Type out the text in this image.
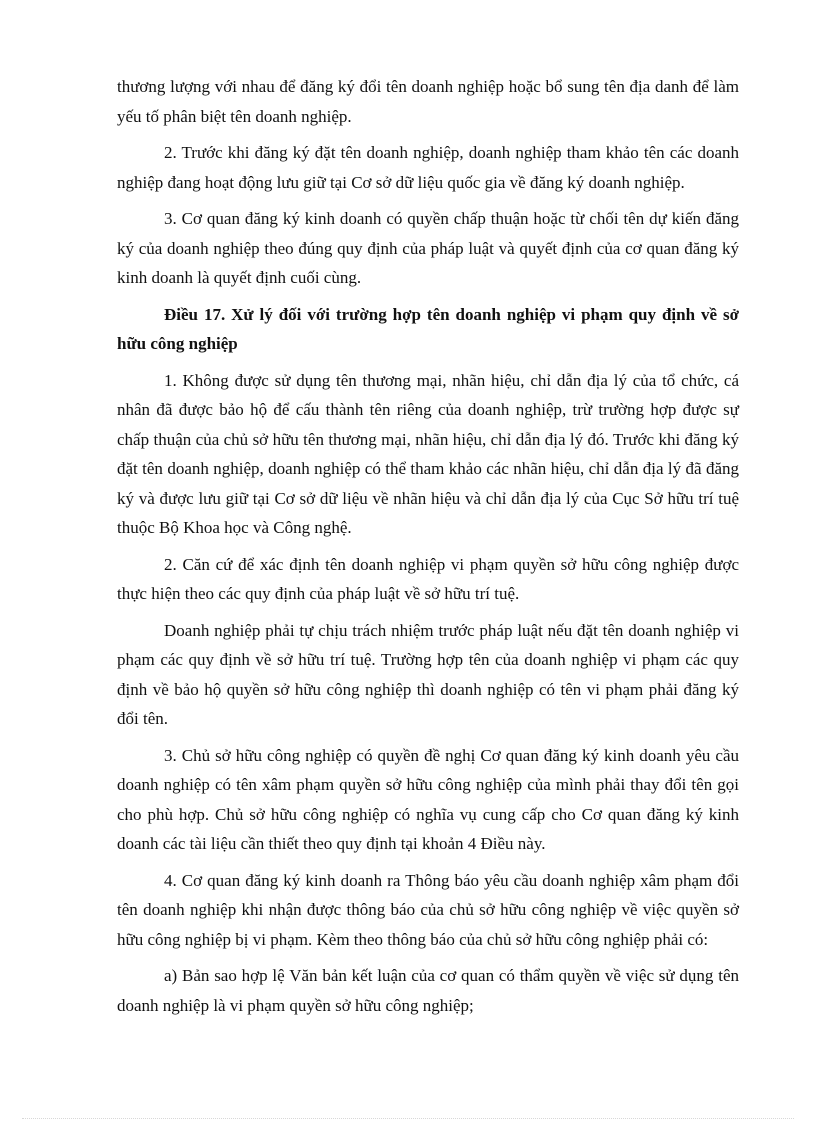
thương lượng với nhau để đăng ký đổi tên doanh nghiệp hoặc bổ sung tên địa danh để làm yếu tố phân biệt tên doanh nghiệp.

2. Trước khi đăng ký đặt tên doanh nghiệp, doanh nghiệp tham khảo tên các doanh nghiệp đang hoạt động lưu giữ tại Cơ sở dữ liệu quốc gia về đăng ký doanh nghiệp.

3. Cơ quan đăng ký kinh doanh có quyền chấp thuận hoặc từ chối tên dự kiến đăng ký của doanh nghiệp theo đúng quy định của pháp luật và quyết định của cơ quan đăng ký kinh doanh là quyết định cuối cùng.

Điều 17. Xử lý đối với trường hợp tên doanh nghiệp vi phạm quy định về sở hữu công nghiệp

1. Không được sử dụng tên thương mại, nhãn hiệu, chỉ dẫn địa lý của tổ chức, cá nhân đã được bảo hộ để cấu thành tên riêng của doanh nghiệp, trừ trường hợp được sự chấp thuận của chủ sở hữu tên thương mại, nhãn hiệu, chỉ dẫn địa lý đó. Trước khi đăng ký đặt tên doanh nghiệp, doanh nghiệp có thể tham khảo các nhãn hiệu, chỉ dẫn địa lý đã đăng ký và được lưu giữ tại Cơ sở dữ liệu về nhãn hiệu và chỉ dẫn địa lý của Cục Sở hữu trí tuệ thuộc Bộ Khoa học và Công nghệ.

2. Căn cứ để xác định tên doanh nghiệp vi phạm quyền sở hữu công nghiệp được thực hiện theo các quy định của pháp luật về sở hữu trí tuệ.

Doanh nghiệp phải tự chịu trách nhiệm trước pháp luật nếu đặt tên doanh nghiệp vi phạm các quy định về sở hữu trí tuệ. Trường hợp tên của doanh nghiệp vi phạm các quy định về bảo hộ quyền sở hữu công nghiệp thì doanh nghiệp có tên vi phạm phải đăng ký đổi tên.

3. Chủ sở hữu công nghiệp có quyền đề nghị Cơ quan đăng ký kinh doanh yêu cầu doanh nghiệp có tên xâm phạm quyền sở hữu công nghiệp của mình phải thay đổi tên gọi cho phù hợp. Chủ sở hữu công nghiệp có nghĩa vụ cung cấp cho Cơ quan đăng ký kinh doanh các tài liệu cần thiết theo quy định tại khoản 4 Điều này.

4. Cơ quan đăng ký kinh doanh ra Thông báo yêu cầu doanh nghiệp xâm phạm đổi tên doanh nghiệp khi nhận được thông báo của chủ sở hữu công nghiệp về việc quyền sở hữu công nghiệp bị vi phạm. Kèm theo thông báo của chủ sở hữu công nghiệp phải có:

a) Bản sao hợp lệ Văn bản kết luận của cơ quan có thẩm quyền về việc sử dụng tên doanh nghiệp là vi phạm quyền sở hữu công nghiệp;
